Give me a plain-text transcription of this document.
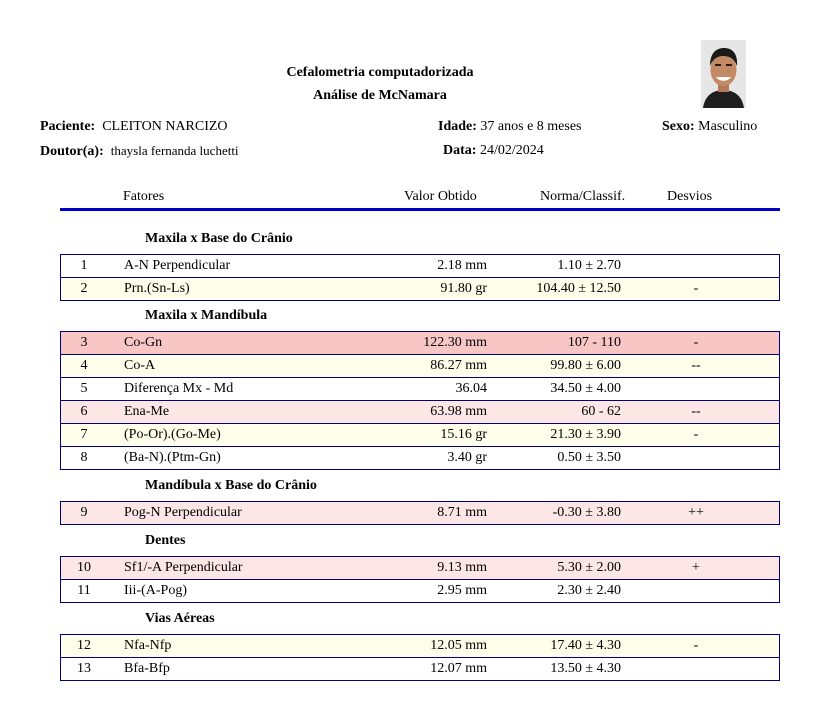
Cefalometria computadorizada
Análise de McNamara
Paciente: CLEITON NARCIZO	Idade: 37 anos e 8 meses	Sexo: Masculino
Doutor(a): thaysla fernanda luchetti	Data: 24/02/2024
Fatores	Valor Obtido	Norma/Classif.	Desvios
Maxila x Base do Crânio
1	A-N Perpendicular	2.18 mm	1.10 ± 2.70
2	Prn.(Sn-Ls)	91.80 gr	104.40 ± 12.50	-
Maxila x Mandíbula
3	Co-Gn	122.30 mm	107 - 110	-
4	Co-A	86.27 mm	99.80 ± 6.00	--
5	Diferença Mx - Md	36.04	34.50 ± 4.00
6	Ena-Me	63.98 mm	60 - 62	--
7	(Po-Or).(Go-Me)	15.16 gr	21.30 ± 3.90	-
8	(Ba-N).(Ptm-Gn)	3.40 gr	0.50 ± 3.50
Mandíbula x Base do Crânio
9	Pog-N Perpendicular	8.71 mm	-0.30 ± 3.80	++
Dentes
10	Sf1/-A Perpendicular	9.13 mm	5.30 ± 2.00	+
11	Iii-(A-Pog)	2.95 mm	2.30 ± 2.40
Vias Aéreas
12	Nfa-Nfp	12.05 mm	17.40 ± 4.30	-
13	Bfa-Bfp	12.07 mm	13.50 ± 4.30
